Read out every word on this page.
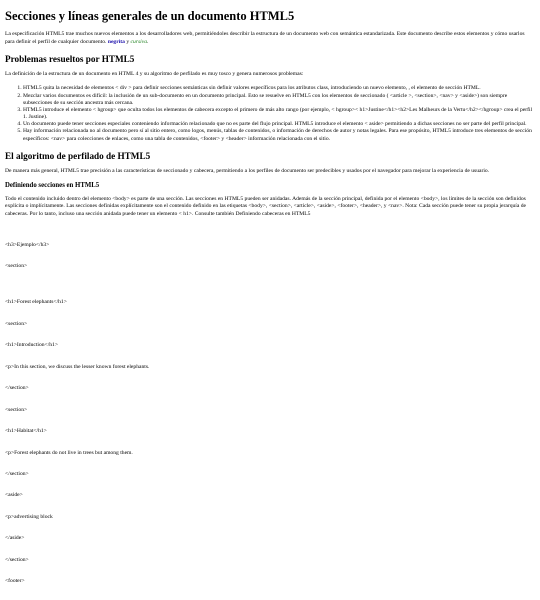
Secciones y líneas generales de un documento HTML5

La especificación HTML5 trae muchos nuevos elementos a los desarrolladores web, permitiéndoles describir la estructura de un documento web con semántica estandarizada. Este documento describe estos elementos y cómo usarlos para definir el perfil de cualquier documento. negrita y cursiva.

Problemas resueltos por HTML5

La definición de la estructura de un documento en HTML 4 y su algoritmo de perfilado es muy tosco y genera numerosos problemas:

1. HTML5 quita la necesidad de elementos < div > para definir secciones semánticas sin definir valores específicos para los atributos class, introduciendo un nuevo elemento, , el elemento de sección HTML.
2. Mezclar varios documentos es difícil: la inclusión de un sub-documento en un documento principal. Esto se resuelve en HTML5 con los elementos de seccionado ( <article >, <section>, <nav> y <aside>) son siempre subsecciones de su sección ancestra más cercana.
3. HTML5 introduce el elemento < hgroup> que oculta todos los elementos de cabecera excepto el primero de más alto rango (por ejemplo, < hgroup>< h1>Justine</h1><h2>Les Malheurs de la Vertu</h2></hgroup> crea el perfil 1. Justine).
4. Un documento puede tener secciones especiales conteniendo información relacionado que no es parte del flujo principal. HTML5 introduce el elemento < aside> permitiendo a dichas secciones no ser parte del perfil principal.
5. Hay información relacionada no al documento pero sí al sitio entero, como logos, menús, tablas de contenidos, o información de derechos de autor y notas legales. Para ese propósito, HTML5 introduce tres elementos de sección específicos: <nav> para colecciones de enlaces, como una tabla de contenidos, <footer> y <header> información relacionada con el sitio.
El algoritmo de perfilado de HTML5

De manera más general, HTML5 trae precisión a las características de seccionado y cabecera, permitiendo a los perfiles de documento ser predecibles y usados por el navegador para mejorar la experiencia de usuario.

Definiendo secciones en HTML5

Todo el contenido incluido dentro del elemento <body> es parte de una sección. Las secciones en HTML5 pueden ser anidadas. Además de la sección principal, definida por el elemento <body>, los límites de la sección son definidos explícita o implícitamente. Las secciones definidas explícitamente son el contenido definido en las etiquetas <body>, <section>, <article>, <aside>, <footer>, <header>, y <nav>. Nota: Cada sección puede tener su propia jerarquía de cabeceras. Por lo tanto, incluso una sección anidada puede tener un elemento < h1>. Consulte también Definiendo cabeceras en HTML5

<h3>Ejemplo</h3>

<section>

<h1>Forest elephants</h1>

<section>

<h1>Introduction</h1>

<p>In this section, we discuss the lesser known forest elephants.

</section>

<section>

<h1>Habitat</h1>

<p>Forest elephants do not live in trees but among them.

</section>

<aside>

<p>advertising block

</aside>

</section>

<footer>
